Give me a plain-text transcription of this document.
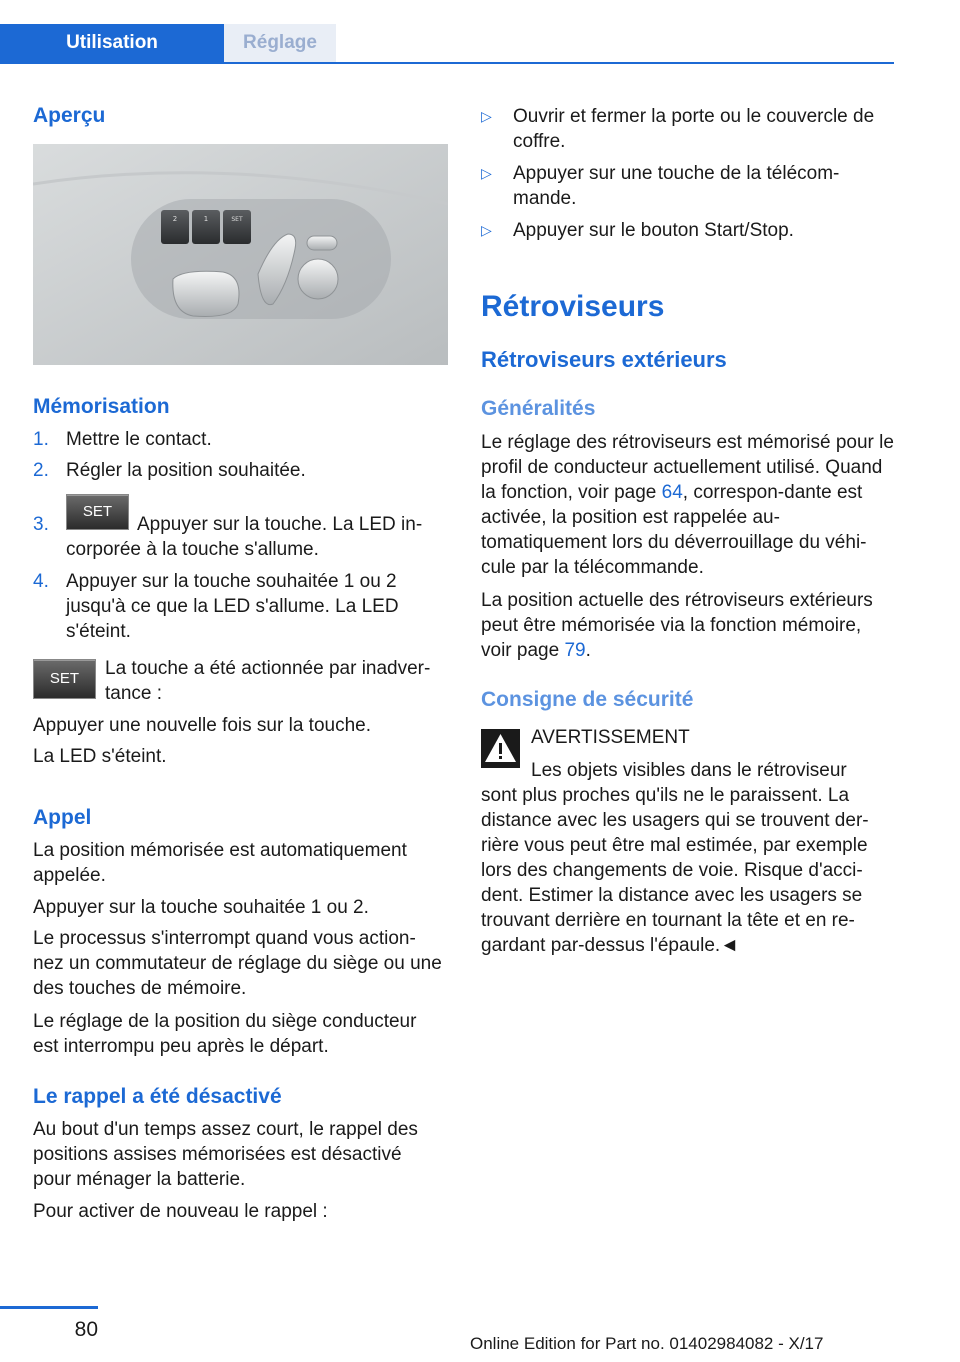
Utilisation	Réglage
Aperçu
2	1	SET
Mémorisation
1. Mettre le contact.

2. Régler la position souhaitée.

3.
SET

Appuyer sur la touche. La LED in-

corporée à la touche s'allume.

4. Appuyer sur la touche souhaitée 1 ou 2 jusqu'à ce que la LED s'allume. La LED s'éteint.

SET	La touche a été actionnée par inadver-tance :

Appuyer une nouvelle fois sur la touche.

La LED s'éteint.

Appel

La position mémorisée est automatiquement appelée.

Appuyer sur la touche souhaitée 1 ou 2.

Le processus s'interrompt quand vous action-nez un commutateur de réglage du siège ou une des touches de mémoire.

Le réglage de la position du siège conducteur est interrompu peu après le départ.

Le rappel a été désactivé

Au bout d'un temps assez court, le rappel des positions assises mémorisées est désactivé pour ménager la batterie.

Pour activer de nouveau le rappel :

▷ Ouvrir et fermer la porte ou le couvercle de coffre.

▷ Appuyer sur une touche de la télécom-mande.

▷ Appuyer sur le bouton Start/Stop.

Rétroviseurs
Rétroviseurs extérieurs
Généralités

Le réglage des rétroviseurs est mémorisé pour le profil de conducteur actuellement utilisé. Quand la fonction, voir page 64, correspon-dante est activée, la position est rappelée au-tomatiquement lors du déverrouillage du véhi-cule par la télécommande.

La position actuelle des rétroviseurs extérieurs peut être mémorisée via la fonction mémoire, voir page 79.

Consigne de sécurité

AVERTISSEMENT

Les objets visibles dans le rétroviseur

sont plus proches qu'ils ne le paraissent. La distance avec les usagers qui se trouvent der-rière vous peut être mal estimée, par exemple lors des changements de voie. Risque d'acci-dent. Estimer la distance avec les usagers se trouvant derrière en tournant la tête et en re-gardant par-dessus l'épaule.◄

80
Online Edition for Part no. 01402984082 - X/17
